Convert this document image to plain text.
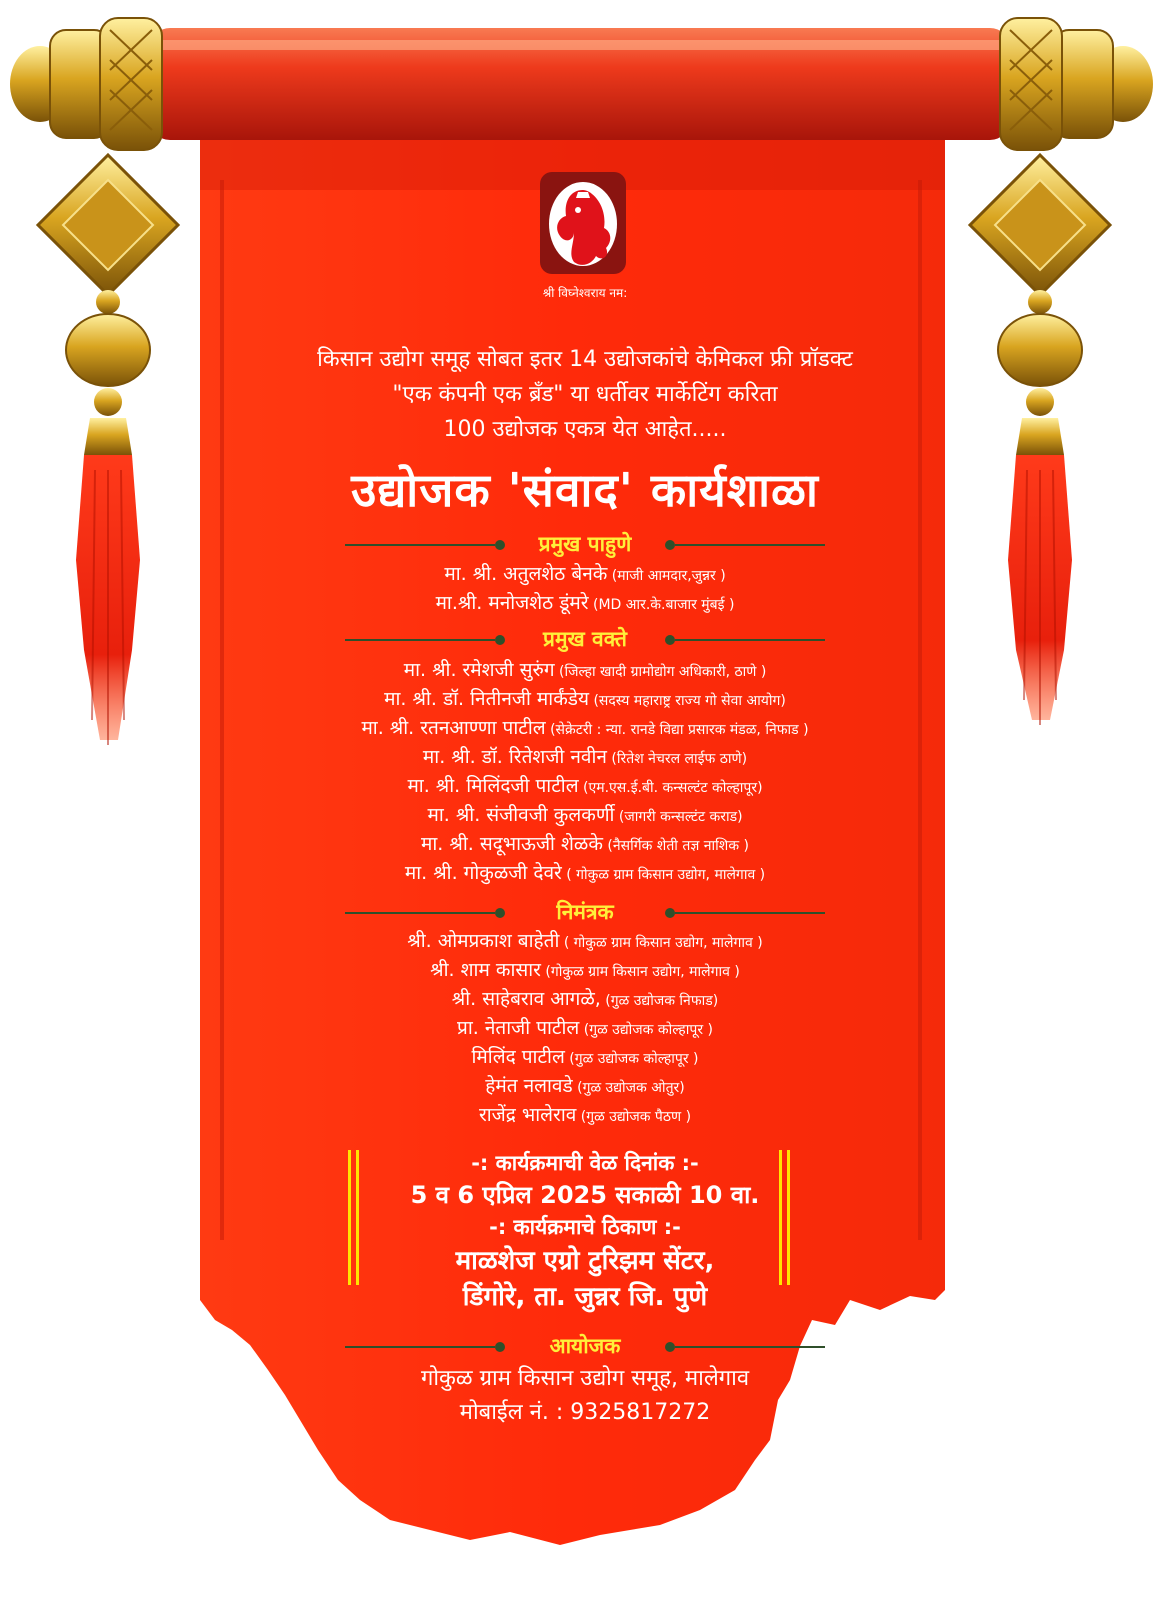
श्री विघ्नेश्वराय नम:
किसान उद्योग समूह सोबत इतर 14 उद्योजकांचे केमिकल फ्री प्रॉडक्ट
"एक कंपनी एक ब्रँड" या धर्तीवर मार्केटिंग करिता
100 उद्योजक एकत्र येत आहेत.....
उद्योजक 'संवाद' कार्यशाळा
प्रमुख पाहुणे
मा. श्री. अतुलशेठ बेनके (माजी आमदार,जुन्नर )
मा.श्री. मनोजशेठ डूंमरे (MD आर.के.बाजार मुंबई )
प्रमुख वक्ते
मा. श्री. रमेशजी सुरुंग (जिल्हा खादी ग्रामोद्योग अधिकारी, ठाणे )
मा. श्री. डॉ. नितीनजी मार्कंडेय (सदस्य महाराष्ट्र राज्य गो सेवा आयोग)
मा. श्री. रतनआण्णा पाटील (सेक्रेटरी : न्या. रानडे विद्या प्रसारक मंडळ, निफाड )
मा. श्री. डॉ. रितेशजी नवीन (रितेश नेचरल लाईफ ठाणे)
मा. श्री. मिलिंदजी पाटील (एम.एस.ई.बी. कन्सल्टंट कोल्हापूर)
मा. श्री. संजीवजी कुलकर्णी (जागरी कन्सल्टंट कराड)
मा. श्री. सदूभाऊजी शेळके (नैसर्गिक शेती तज्ञ नाशिक )
मा. श्री. गोकुळजी देवरे ( गोकुळ ग्राम किसान उद्योग, मालेगाव )
निमंत्रक
श्री. ओमप्रकाश बाहेती ( गोकुळ ग्राम किसान उद्योग, मालेगाव )
श्री. शाम कासार (गोकुळ ग्राम किसान उद्योग, मालेगाव )
श्री. साहेबराव आगळे, (गुळ उद्योजक निफाड)
प्रा. नेताजी पाटील (गुळ उद्योजक कोल्हापूर )
मिलिंद पाटील (गुळ उद्योजक कोल्हापूर )
हेमंत नलावडे (गुळ उद्योजक ओतुर)
राजेंद्र भालेराव (गुळ उद्योजक पैठण )
-: कार्यक्रमाची वेळ दिनांक :-
5 व 6 एप्रिल 2025 सकाळी 10 वा.
-: कार्यक्रमाचे ठिकाण :-
माळशेज एग्रो टुरिझम सेंटर,
डिंगोरे, ता. जुन्नर जि. पुणे
आयोजक
गोकुळ ग्राम किसान उद्योग समूह, मालेगाव
मोबाईल नं. : 9325817272
